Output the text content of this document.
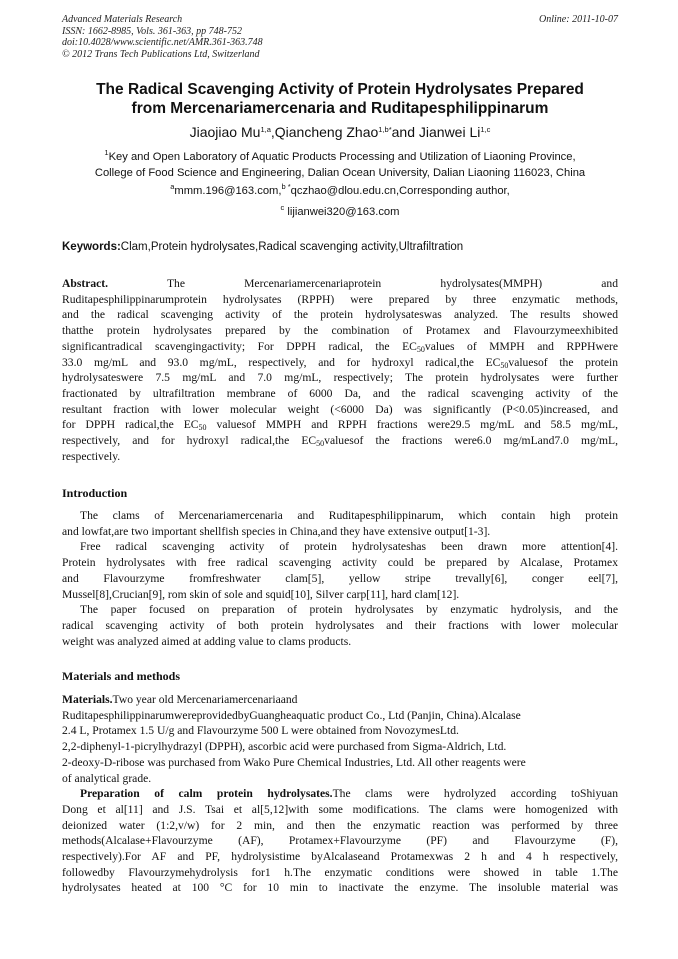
Advanced Materials Research
ISSN: 1662-8985, Vols. 361-363, pp 748-752
doi:10.4028/www.scientific.net/AMR.361-363.748
© 2012 Trans Tech Publications Ltd, Switzerland
Online: 2011-10-07
The Radical Scavenging Activity of Protein Hydrolysates Prepared
from Mercenariamercenaria and Ruditapesphilippinarum
Jiaojiao Mu$^{1,a}$,Qiancheng Zhao$^{1,b*}$and Jianwei Li$^{1,c}$
$^1$Key and Open Laboratory of Aquatic Products Processing and Utilization of Liaoning Province,
College of Food Science and Engineering, Dalian Ocean University, Dalian Liaoning 116023, China
$^a$mmm.196@163.com,$^{b *}$qczhao@dlou.edu.cn,Corresponding author,
$^c$ lijianwei320@163.com
Keywords:Clam,Protein hydrolysates,Radical scavenging activity,Ultrafiltration
Abstract.	The Mercenariamercenariaprotein hydrolysates(MMPH) and
Ruditapesphilippinarumprotein hydrolysates (RPPH) were prepared by three enzymatic methods,
and the radical scavenging activity of the protein hydrolysateswas analyzed. The results showed
thatthe protein hydrolysates prepared by the combination of Protamex and Flavourzymeexhibited
significantradical scavengingactivity; For DPPH radical, the $EC_{50}values$ of MMPH and RPPHwere
33.0 mg/mL and 93.0 mg/mL, respectively, and for hydroxyl radical,the $EC_{50}valuesof$ the protein
hydrolysateswere 7.5 mg/mL and 7.0 mg/mL, respectively; The protein hydrolysates were further
fractionated by ultrafiltration membrane of 6000 Da, and the radical scavenging activity of the
resultant fraction with lower molecular weight (<6000 Da) was significantly (P<0.05)increased, and
for DPPH radical,the $EC_{50}$ valuesof MMPH and RPPH fractions were29.5 mg/mL and 58.5 mg/mL,
respectively, and for hydroxyl radical,the $EC_{50}valuesof$ the fractions were6.0 mg/mLand7.0 mg/mL,
respectively.
Introduction
The clams of Mercenariamercenaria and Ruditapesphilippinarum, which contain high protein
and lowfat,are two important shellfish species in China,and they have extensive output[1-3].
Free radical scavenging activity of protein hydrolysateshas been drawn more attention[4].
Protein hydrolysates with free radical scavenging activity could be prepared by Alcalase, Protamex
and Flavourzyme fromfreshwater clam[5], yellow stripe trevally[6], conger eel[7],
Mussel[8],Crucian[9], rom skin of sole and squid[10], Silver carp[11], hard clam[12].
The paper focused on preparation of protein hydrolysates by enzymatic hydrolysis, and the
radical scavenging activity of both protein hydrolysates and their fractions with lower molecular
weight was analyzed aimed at adding value to clams products.
Materials and methods
Materials.Two year old Mercenariamercenariaand
RuditapesphilippinarumwereprovidedbyGuangheaquatic product Co., Ltd (Panjin, China).Alcalase
2.4 L, Protamex 1.5 U/g and Flavourzyme 500 L were obtained from NovozymesLtd.
2,2-diphenyl-1-picrylhydrazyl (DPPH), ascorbic acid were purchased from Sigma-Aldrich, Ltd.
2-deoxy-D-ribose was purchased from Wako Pure Chemical Industries, Ltd. All other reagents were
of analytical grade.
Preparation of calm protein hydrolysates.The clams were hydrolyzed according toShiyuan
Dong et al[11] and J.S. Tsai et al[5,12]with some modifications. The clams were homogenized with
deionized water (1:2,v/w) for 2 min, and then the enzymatic reaction was performed by three
methods(Alcalase+Flavourzyme (AF), Protamex+Flavourzyme (PF) and Flavourzyme (F),
respectively).For AF and PF, hydrolysistime byAlcalaseand Protamexwas 2 h and 4 h respectively,
followedby Flavourzymehydrolysis for1 h.The enzymatic conditions were showed in table 1.The
hydrolysates heated at 100 °C for 10 min to inactivate the enzyme. The insoluble material was
